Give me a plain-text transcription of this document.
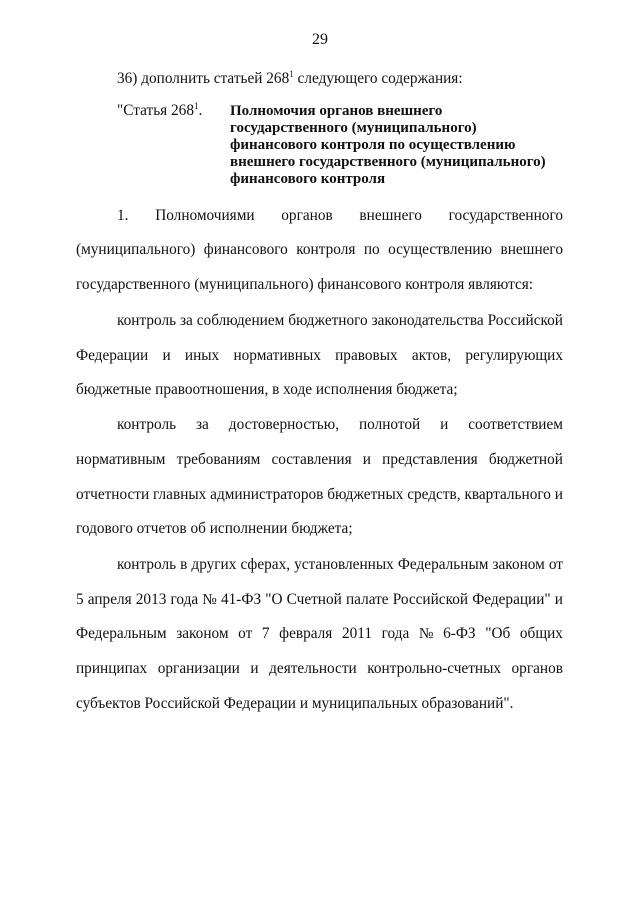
29
36) дополнить статьей $268^1$ следующего содержания:
"Статья $268^1$. Полномочия органов внешнего
государственного (муниципального)
финансового контроля по осуществлению
внешнего государственного (муниципального)
финансового контроля
1. Полномочиями органов внешнего государственного
(муниципального) финансового контроля по осуществлению внешнего
государственного (муниципального) финансового контроля являются:
контроль за соблюдением бюджетного законодательства Российской
Федерации и иных нормативных правовых актов, регулирующих
бюджетные правоотношения, в ходе исполнения бюджета;
контроль за достоверностью, полнотой и соответствием
нормативным требованиям составления и представления бюджетной
отчетности главных администраторов бюджетных средств, квартального и
годового отчетов об исполнении бюджета;
контроль в других сферах, установленных Федеральным законом от
5 апреля 2013 года № 41-ФЗ "О Счетной палате Российской Федерации" и
Федеральным законом от 7 февраля 2011 года № 6-ФЗ "Об общих
принципах организации и деятельности контрольно-счетных органов
субъектов Российской Федерации и муниципальных образований".
